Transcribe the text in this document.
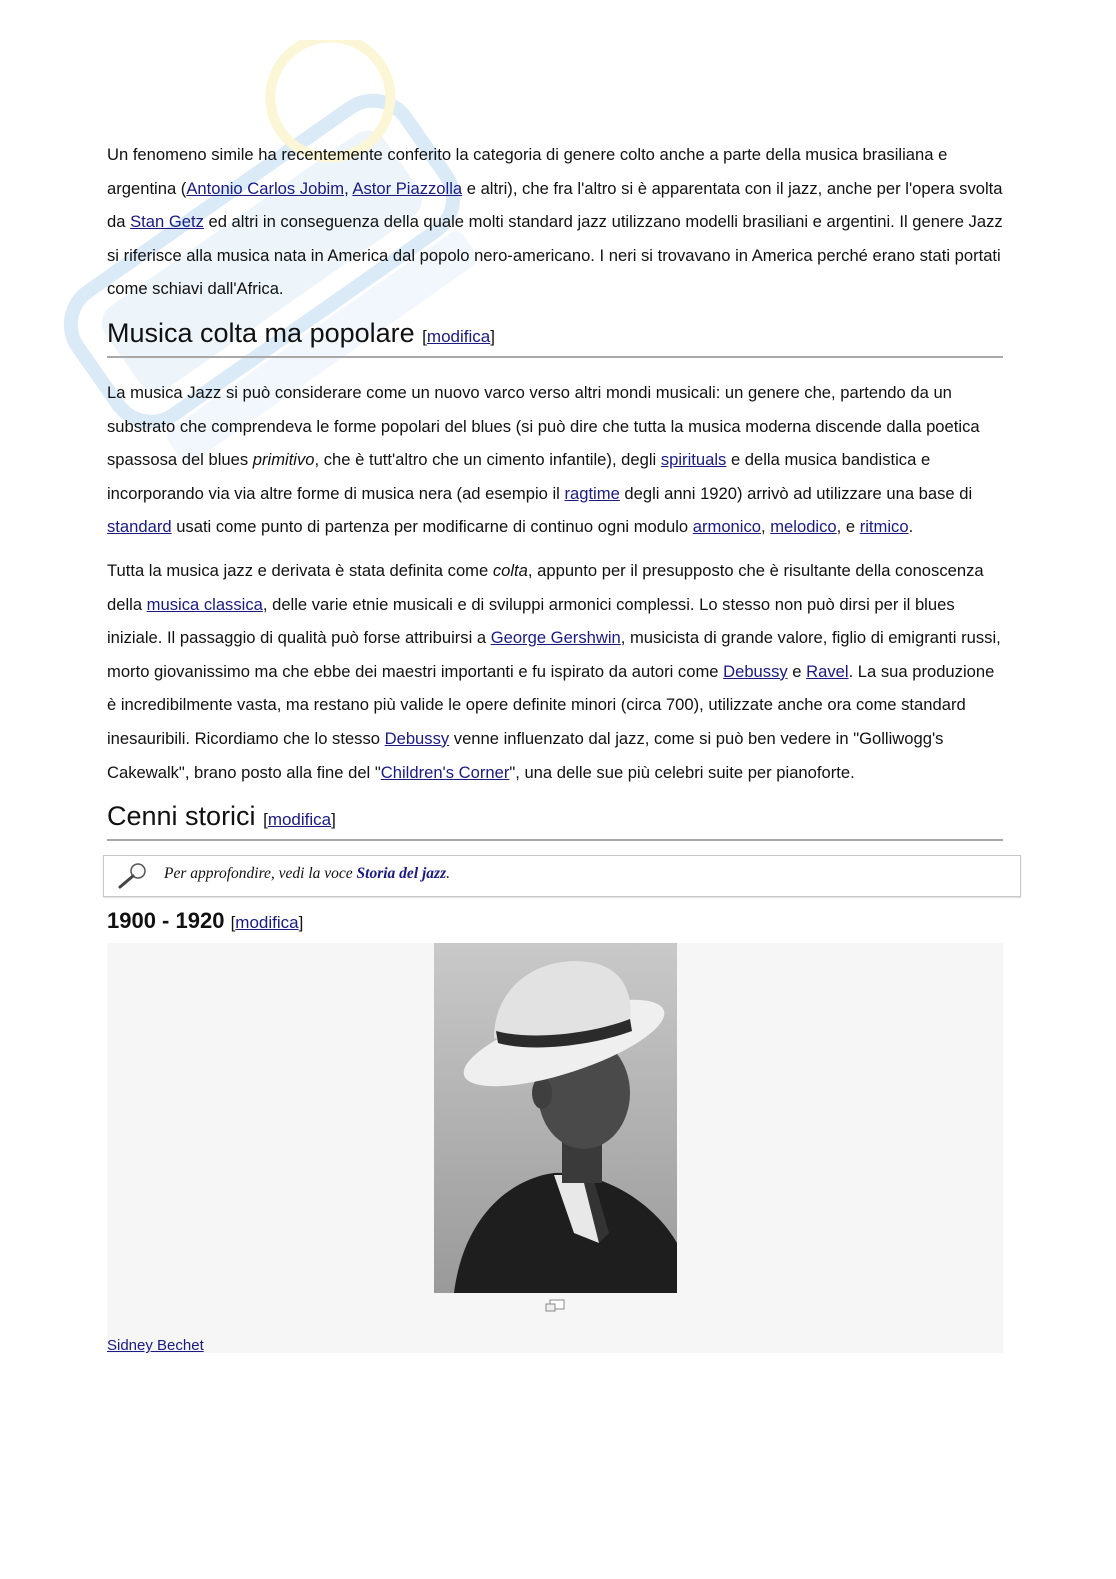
Un fenomeno simile ha recentemente conferito la categoria di genere colto anche a parte della musica brasiliana e argentina (Antonio Carlos Jobim, Astor Piazzolla e altri), che fra l'altro si è apparentata con il jazz, anche per l'opera svolta da Stan Getz ed altri in conseguenza della quale molti standard jazz utilizzano modelli brasiliani e argentini. Il genere Jazz si riferisce alla musica nata in America dal popolo nero-americano. I neri si trovavano in America perché erano stati portati come schiavi dall'Africa.

Musica colta ma popolare [modifica]

La musica Jazz si può considerare come un nuovo varco verso altri mondi musicali: un genere che, partendo da un substrato che comprendeva le forme popolari del blues (si può dire che tutta la musica moderna discende dalla poetica spassosa del blues primitivo, che è tutt'altro che un cimento infantile), degli spirituals e della musica bandistica e incorporando via via altre forme di musica nera (ad esempio il ragtime degli anni 1920) arrivò ad utilizzare una base di standard usati come punto di partenza per modificarne di continuo ogni modulo armonico, melodico, e ritmico.

Tutta la musica jazz e derivata è stata definita come colta, appunto per il presupposto che è risultante della conoscenza della musica classica, delle varie etnie musicali e di sviluppi armonici complessi. Lo stesso non può dirsi per il blues iniziale. Il passaggio di qualità può forse attribuirsi a George Gershwin, musicista di grande valore, figlio di emigranti russi, morto giovanissimo ma che ebbe dei maestri importanti e fu ispirato da autori come Debussy e Ravel. La sua produzione è incredibilmente vasta, ma restano più valide le opere definite minori (circa 700), utilizzate anche ora come standard inesauribili. Ricordiamo che lo stesso Debussy venne influenzato dal jazz, come si può ben vedere in "Golliwogg's Cakewalk", brano posto alla fine del "Children's Corner", una delle sue più celebri suite per pianoforte.

Cenni storici [modifica]
Per approfondire, vedi la voce Storia del jazz.
1900 - 1920 [modifica]
Sidney Bechet
